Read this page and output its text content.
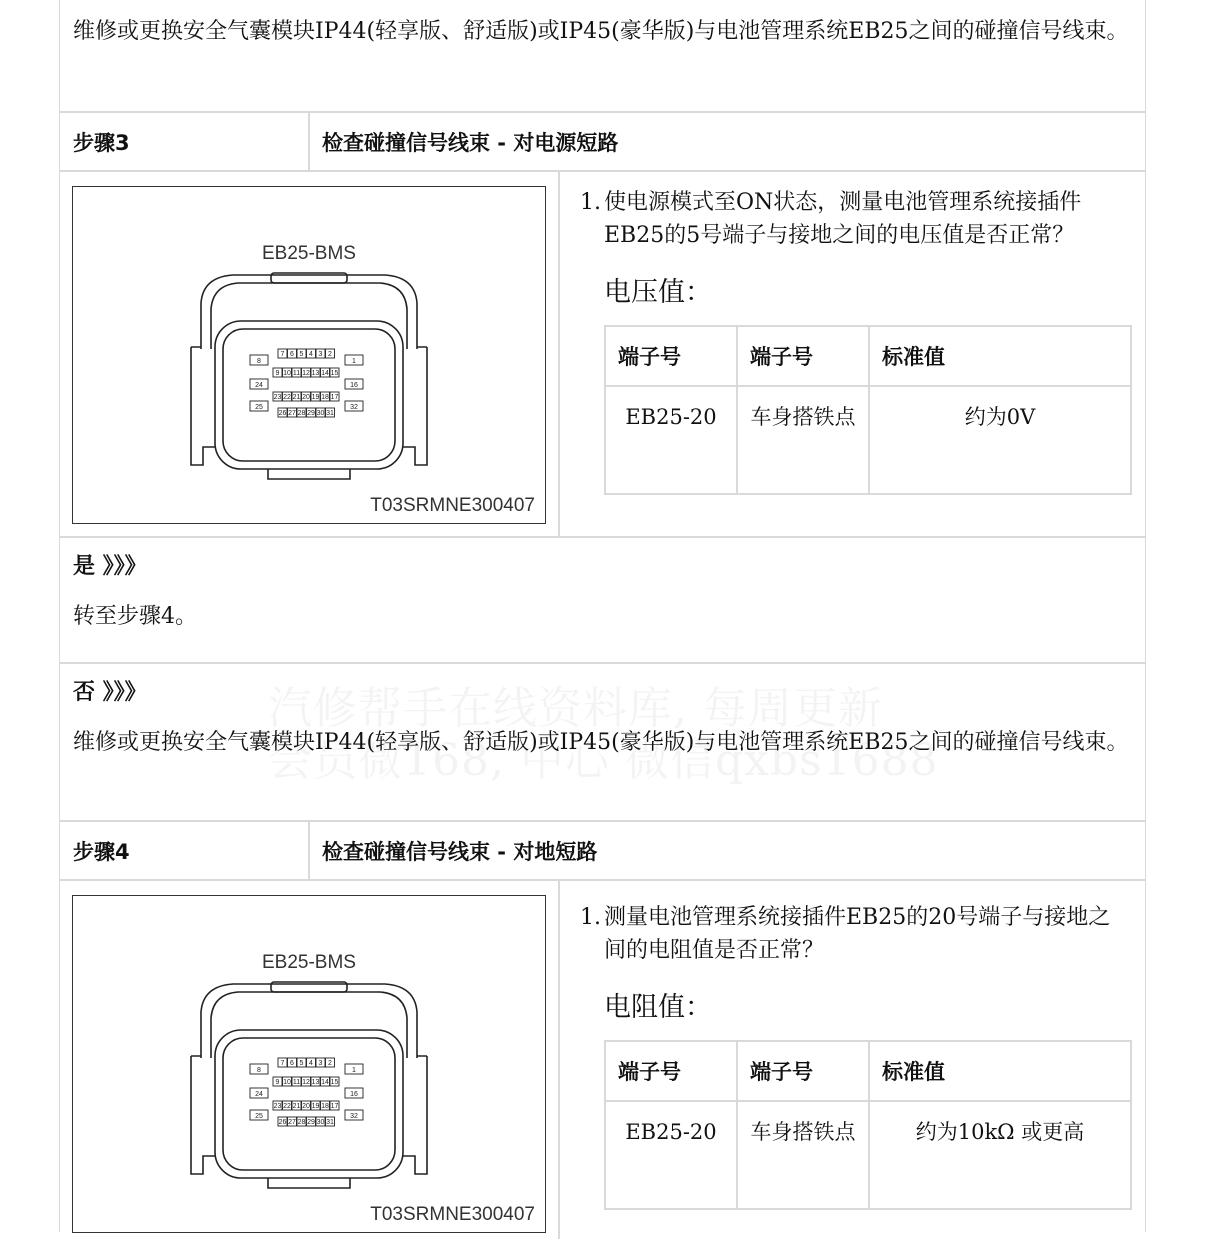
维修或更换安全气囊模块IP44(轻享版、舒适版)或IP45(豪华版)与电池管理系统EB25之间的碰撞信号线束。
步骤3	检查碰撞信号线束 - 对电源短路
EB25-BMS
8
24
25
1
16
32
7 6 5 4 3 2
9 10 11 12 13 14 15
23 22 21 20 19 18 17
26 27 28 29 30 31
T03SRMNE300407
1. 使电源模式至ON状态，测量电池管理系统接插件EB25的5号端子与接地之间的电压值是否正常？
电压值：
端子号	端子号	标准值
EB25-20	车身搭铁点	约为0V
是 》》》
转至步骤4。
否 》》》
维修或更换安全气囊模块IP44(轻享版、舒适版)或IP45(豪华版)与电池管理系统EB25之间的碰撞信号线束。
步骤4	检查碰撞信号线束 - 对地短路
EB25-BMS
8
24
25
1
16
32
7 6 5 4 3 2
9 10 11 12 13 14 15
23 22 21 20 19 18 17
26 27 28 29 30 31
T03SRMNE300407
1. 测量电池管理系统接插件EB25的20号端子与接地之间的电阻值是否正常？
电阻值：
端子号	端子号	标准值
EB25-20	车身搭铁点	约为10kΩ 或更高
